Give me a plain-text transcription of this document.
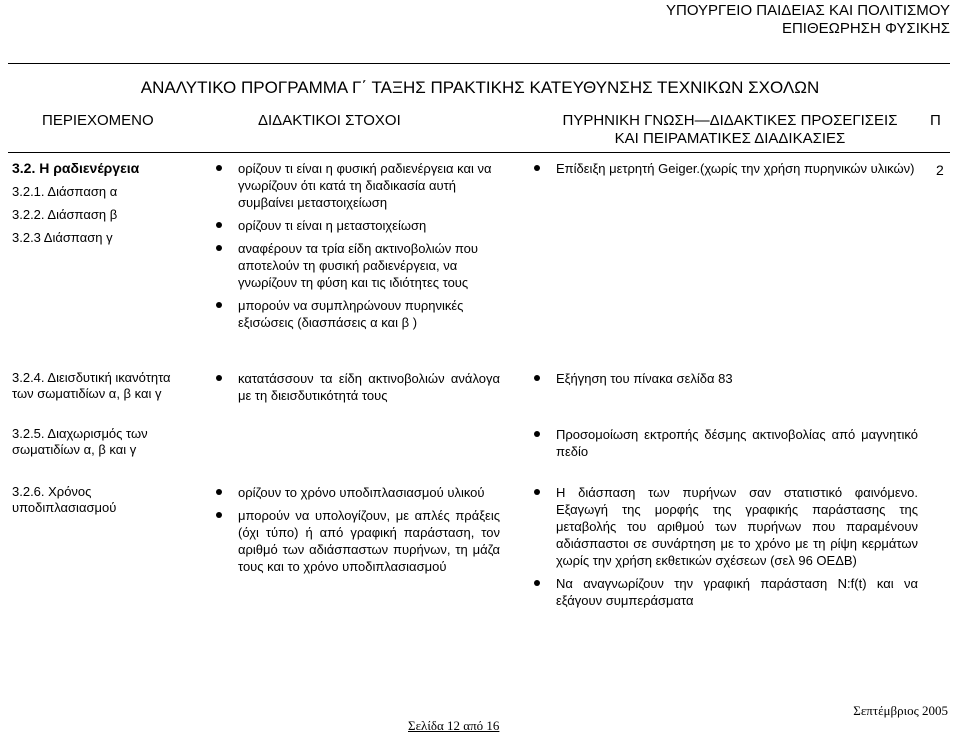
ΥΠΟΥΡΓΕΙΟ ΠΑΙΔΕΙΑΣ ΚΑΙ ΠΟΛΙΤΙΣΜΟΥ
ΕΠΙΘΕΩΡΗΣΗ ΦΥΣΙΚΗΣ
ΑΝΑΛΥΤΙΚΟ ΠΡΟΓΡΑΜΜΑ Γ΄ ΤΑΞΗΣ ΠΡΑΚΤΙΚΗΣ ΚΑΤΕΥΘΥΝΣΗΣ ΤΕΧΝΙΚΩΝ ΣΧΟΛΩΝ
ΠΕΡΙΕΧΟΜΕΝΟ	ΔΙΔΑΚΤΙΚΟΙ ΣΤΟΧΟΙ	ΠΥΡΗΝΙΚΗ ΓΝΩΣΗ—ΔΙΔΑΚΤΙΚΕΣ ΠΡΟΣΕΓΙΣΕΙΣ
ΚΑΙ ΠΕΙΡΑΜΑΤΙΚΕΣ ΔΙΑΔΙΚΑΣΙΕΣ
Π
3.2. Η ραδιενέργεια
3.2.1. Διάσπαση α
3.2.2. Διάσπαση β
3.2.3 Διάσπαση γ
ορίζουν τι είναι η φυσική ραδιενέργεια και να γνωρίζουν ότι κατά τη διαδικασία αυτή συμβαίνει μεταστοιχείωση
ορίζουν τι είναι η μεταστοιχείωση
αναφέρουν τα τρία είδη ακτινοβολιών που αποτελούν τη φυσική ραδιενέργεια, να γνωρίζουν τη φύση και τις ιδιότητες τους
μπορούν να συμπληρώνουν πυρηνικές εξισώσεις (διασπάσεις α και β )
Επίδειξη μετρητή Geiger.(χωρίς την χρήση πυρηνικών υλικών) 2
3.2.4. Διεισδυτική ικανότητα των σωματιδίων α, β και γ
κατατάσσουν τα είδη ακτινοβολιών ανάλογα με τη διεισδυτικότητά τους
Εξήγηση του πίνακα σελίδα 83
3.2.5. Διαχωρισμός των σωματιδίων α, β και γ
Προσομοίωση εκτροπής δέσμης ακτινοβολίας από μαγνητικό πεδίο
3.2.6. Χρόνος υποδιπλασιασμού
ορίζουν το χρόνο υποδιπλασιασμού υλικού
μπορούν να υπολογίζουν, με απλές πράξεις (όχι τύπο) ή από γραφική παράσταση, τον αριθμό των αδιάσπαστων πυρήνων, τη μάζα τους και το χρόνο υποδιπλασιασμού
Η διάσπαση των πυρήνων σαν στατιστικό φαινόμενο. Εξαγωγή της μορφής της γραφικής παράστασης της μεταβολής του αριθμού των πυρήνων που παραμένουν αδιάσπαστοι σε συνάρτηση με το χρόνο με τη ρίψη κερμάτων χωρίς την χρήση εκθετικών σχέσεων (σελ 96 ΟΕΔΒ)
Να αναγνωρίζουν την γραφική παράσταση N:f(t) και να εξάγουν συμπεράσματα
Σελίδα 12 από 16
Σεπτέμβριος 2005
